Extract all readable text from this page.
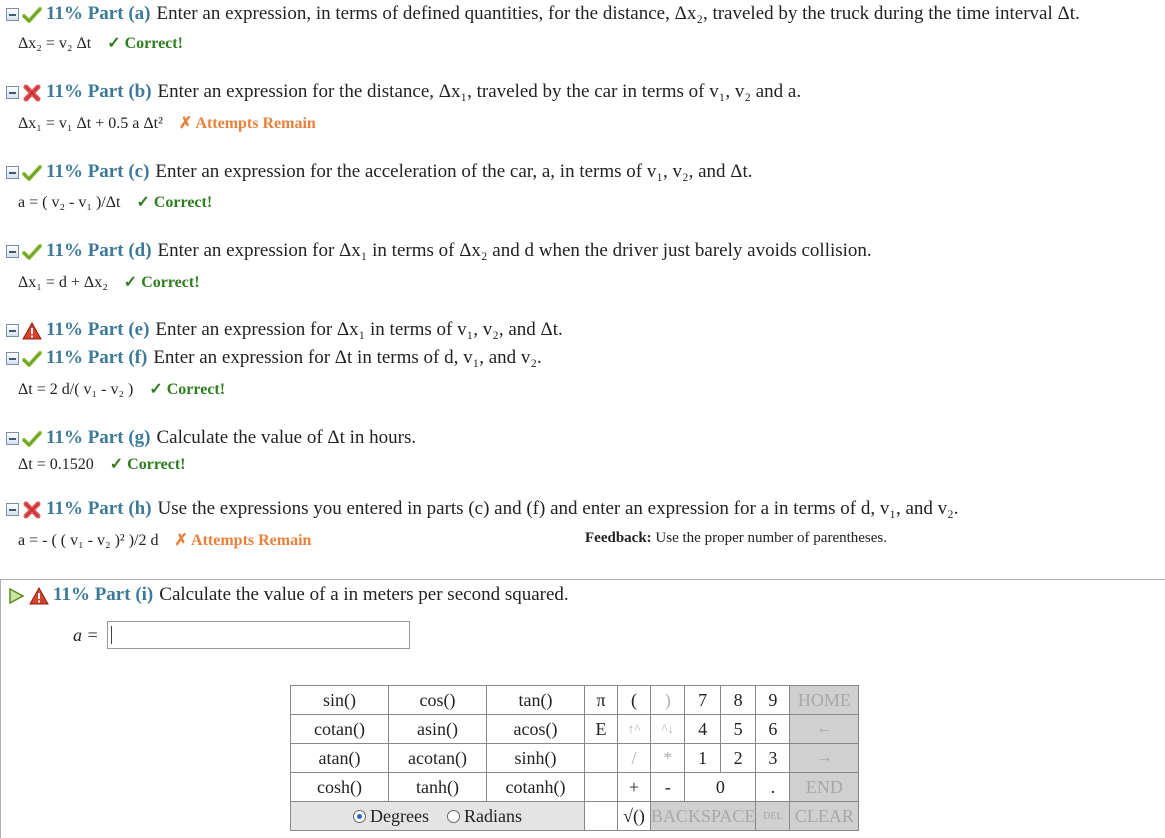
11% Part (a) Enter an expression, in terms of defined quantities, for the distance, Δx₂, traveled by the truck during the time interval Δt.
Δx₂ = v₂ Δt ✓ Correct!
11% Part (b) Enter an expression for the distance, Δx₁, traveled by the car in terms of v₁, v₂ and a.
Δx₁ = v₁ Δt + 0.5 a Δt² ✗ Attempts Remain
11% Part (c) Enter an expression for the acceleration of the car, a, in terms of v₁, v₂, and Δt.
a = ( v₂ - v₁ )/Δt ✓ Correct!
11% Part (d) Enter an expression for Δx₁ in terms of Δx₂ and d when the driver just barely avoids collision.
Δx₁ = d + Δx₂ ✓ Correct!
11% Part (e) Enter an expression for Δx₁ in terms of v₁, v₂, and Δt.
11% Part (f) Enter an expression for Δt in terms of d, v₁, and v₂.
Δt = 2 d/( v₁ - v₂ ) ✓ Correct!
11% Part (g) Calculate the value of Δt in hours.
Δt = 0.1520 ✓ Correct!
11% Part (h) Use the expressions you entered in parts (c) and (f) and enter an expression for a in terms of d, v₁, and v₂.
a = - ( ( v₁ - v₂ )² )/2 d ✗ Attempts Remain	Feedback: Use the proper number of parentheses.
11% Part (i) Calculate the value of a in meters per second squared.
a =
sin()	cos()	tan()	π	(	)	7	8	9	HOME
cotan()	asin()	acos()	E	↑^	^↓	4	5	6	←
atan()	acotan()	sinh()		/	*	1	2	3	→
cosh()	tanh()	cotanh()		+	-	0		.	END
Degrees Radians				√()	BACKSPACE			DEL	CLEAR
